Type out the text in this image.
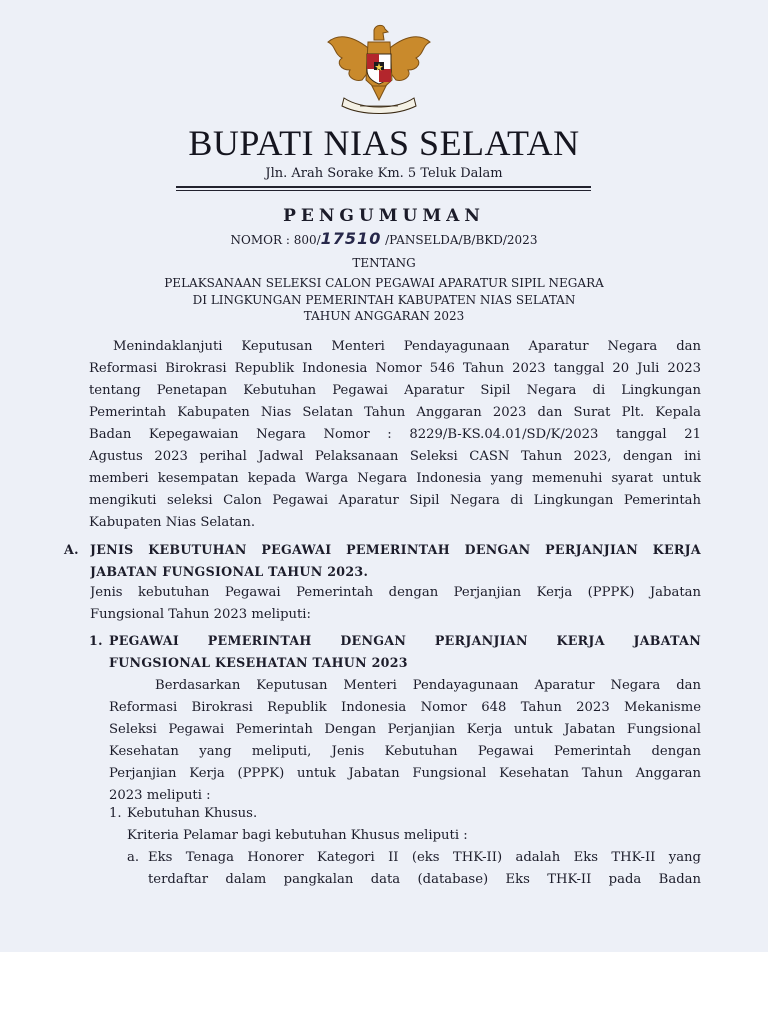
BUPATI NIAS SELATAN
Jln. Arah Sorake Km. 5 Teluk Dalam
PENGUMUMAN
NOMOR : 800/17510 /PANSELDA/B/BKD/2023
TENTANG
PELAKSANAAN SELEKSI CALON PEGAWAI APARATUR SIPIL NEGARA
DI LINGKUNGAN PEMERINTAH KABUPATEN NIAS SELATAN
TAHUN ANGGARAN 2023
Menindaklanjuti Keputusan Menteri Pendayagunaan Aparatur Negara dan
Reformasi Birokrasi Republik Indonesia Nomor 546 Tahun 2023 tanggal 20 Juli 2023
tentang Penetapan Kebutuhan Pegawai Aparatur Sipil Negara di Lingkungan
Pemerintah Kabupaten Nias Selatan Tahun Anggaran 2023 dan Surat Plt. Kepala
Badan Kepegawaian Negara Nomor : 8229/B-KS.04.01/SD/K/2023 tanggal 21
Agustus 2023 perihal Jadwal Pelaksanaan Seleksi CASN Tahun 2023, dengan ini
memberi kesempatan kepada Warga Negara Indonesia yang memenuhi syarat untuk
mengikuti seleksi Calon Pegawai Aparatur Sipil Negara di Lingkungan Pemerintah
Kabupaten Nias Selatan.
A. JENIS KEBUTUHAN PEGAWAI PEMERINTAH DENGAN PERJANJIAN KERJA
JABATAN FUNGSIONAL TAHUN 2023.
Jenis kebutuhan Pegawai Pemerintah dengan Perjanjian Kerja (PPPK) Jabatan
Fungsional Tahun 2023 meliputi:
1. PEGAWAI PEMERINTAH DENGAN PERJANJIAN KERJA JABATAN
FUNGSIONAL KESEHATAN TAHUN 2023
Berdasarkan Keputusan Menteri Pendayagunaan Aparatur Negara dan
Reformasi Birokrasi Republik Indonesia Nomor 648 Tahun 2023 Mekanisme
Seleksi Pegawai Pemerintah Dengan Perjanjian Kerja untuk Jabatan Fungsional
Kesehatan yang meliputi, Jenis Kebutuhan Pegawai Pemerintah dengan
Perjanjian Kerja (PPPK) untuk Jabatan Fungsional Kesehatan Tahun Anggaran
2023 meliputi :
1. Kebutuhan Khusus.
Kriteria Pelamar bagi kebutuhan Khusus meliputi :
a. Eks Tenaga Honorer Kategori II (eks THK-II) adalah Eks THK-II yang
terdaftar dalam pangkalan data (database) Eks THK-II pada Badan
